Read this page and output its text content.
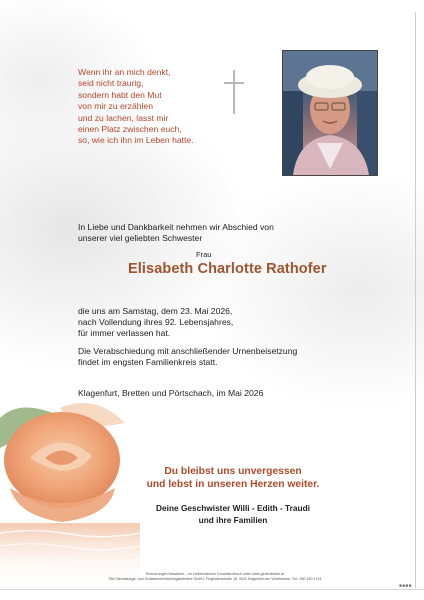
Wenn ihr an mich denkt,
seid nicht traurig,
sondern habt den Mut
von mir zu erzählen
und zu lachen, lasst mir
einen Platz zwischen euch,
so, wie ich ihn im Leben hatte.
In Liebe und Dankbarkeit nehmen wir Abschied von
unserer viel geliebten Schwester
Frau
Elisabeth Charlotte Rathofer
die uns am Samstag, dem 23. Mai 2026,
nach Vollendung ihres 92. Lebensjahres,
für immer verlassen hat.
Die Verabschiedung mit anschließender Urnenbeisetzung
findet im engsten Familienkreis statt.
Klagenfurt, Bretten und Pörtschach, im Mai 2026
Du bleibst uns unvergessen
und lebst in unseren Herzen weiter.
Deine Geschwister Willi - Edith - Traudi
und ihre Familien
Erinnerungen bewahren – im elektronischen Kondolenzbuch unter www.gedenkseite.at
PAX Bestattungs- und Grabsteinherstellungsbetriebe GmbH, Flughafenstraße 16, 9020 Klagenfurt am Wörthersee, Tel.: 050 150 4744
■■■■
